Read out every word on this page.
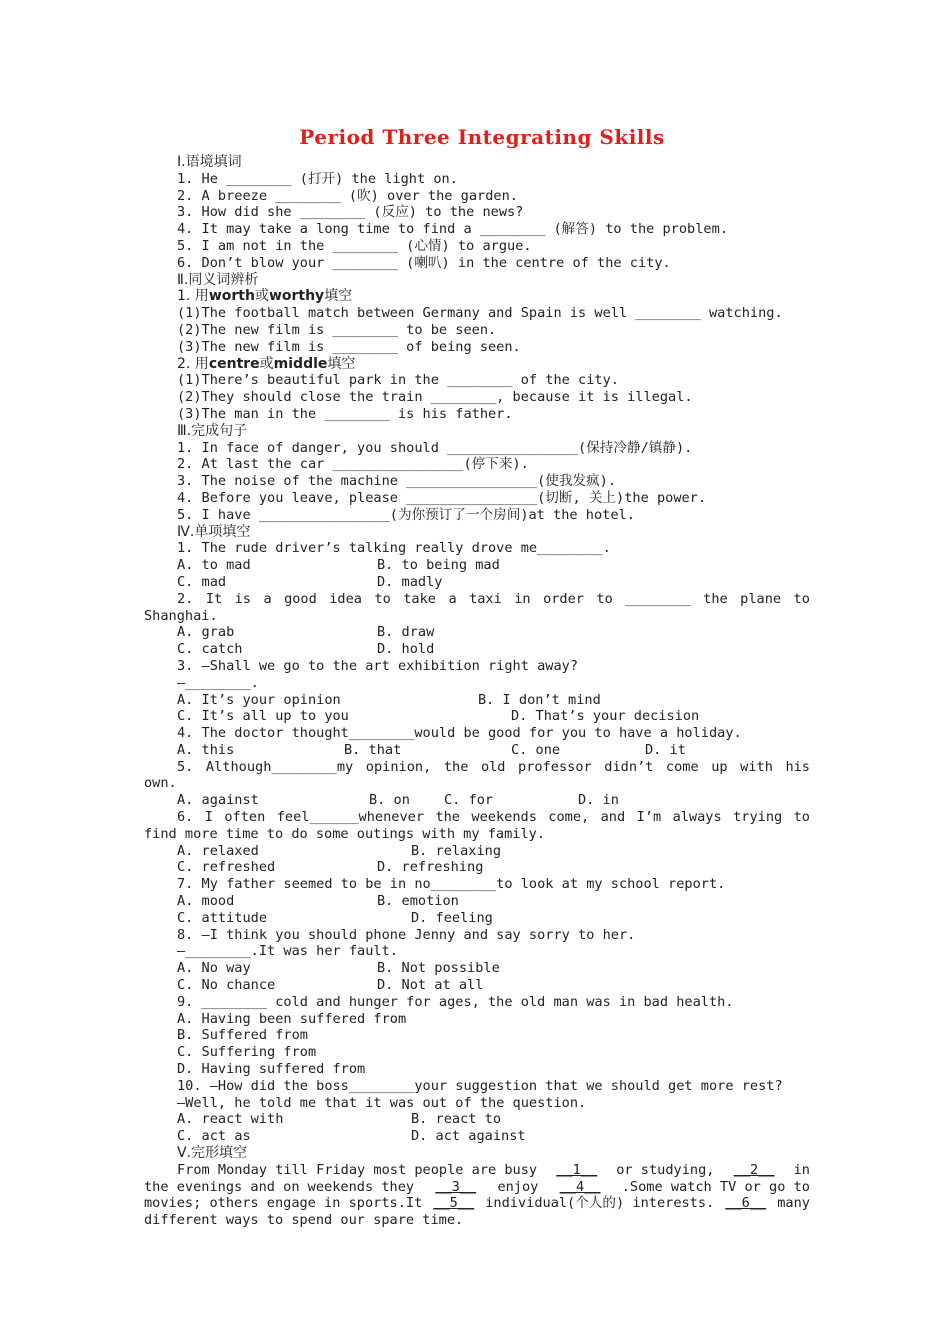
Period Three Integrating Skills
Ⅰ.语境填词
1. He ________ (打开) the light on.
2. A breeze ________ (吹) over the garden.
3. How did she ________ (反应) to the news?
4. It may take a long time to find a ________ (解答) to the problem.
5. I am not in the ________ (心情) to argue.
6. Don’t blow your ________ (喇叭) in the centre of the city.
Ⅱ.同义词辨析
1. 用worth或worthy填空
(1)The football match between Germany and Spain is well ________ watching.
(2)The new film is ________ to be seen.
(3)The new film is ________ of being seen.
2. 用centre或middle填空
(1)There’s beautiful park in the ________ of the city.
(2)They should close the train ________, because it is illegal.
(3)The man in the ________ is his father.
Ⅲ.完成句子
1. In face of danger, you should ________________(保持冷静/镇静).
2. At last the car ________________(停下来).
3. The noise of the machine ________________(使我发疯).
4. Before you leave, please ________________(切断, 关上)the power.
5. I have ________________(为你预订了一个房间)at the hotel.
Ⅳ.单项填空
1. The rude driver’s talking really drove me________.
A. to mad	B. to being mad
C. mad	D. madly
2. It is a good idea to take a taxi in order to ________ the plane to
Shanghai.
A. grab	B. draw
C. catch	D. hold
3. —Shall we go to the art exhibition right away?
—________.
A. It’s your opinion	B. I don’t mind
C. It’s all up to you	D. That’s your decision
4. The doctor thought________would be good for you to have a holiday.
A. this	B. that	C. one	D. it
5. Although________my opinion, the old professor didn’t come up with his
own.
A. against	B. on	C. for	D. in
6. I often feel______whenever the weekends come, and I’m always trying to
find more time to do some outings with my family.
A. relaxed	B. relaxing
C. refreshed	D. refreshing
7. My father seemed to be in no________to look at my school report.
A. mood	B. emotion
C. attitude	D. feeling
8. —I think you should phone Jenny and say sorry to her.
—________.It was her fault.
A. No way	B. Not possible
C. No chance	D. Not at all
9. ________ cold and hunger for ages, the old man was in bad health.
A. Having been suffered from
B. Suffered from
C. Suffering from
D. Having suffered from
10. —How did the boss________your suggestion that we should get more rest?
—Well, he told me that it was out of the question.
A. react with	B. react to
C. act as	D. act against
Ⅴ.完形填空
From Monday till Friday most people are busy __1__ or studying, __2__ in
the evenings and on weekends they __3__ enjoy __4__ .Some watch TV or go to
movies; others engage in sports.It __5__ individual(个人的) interests. __6__ many
different ways to spend our spare time.
